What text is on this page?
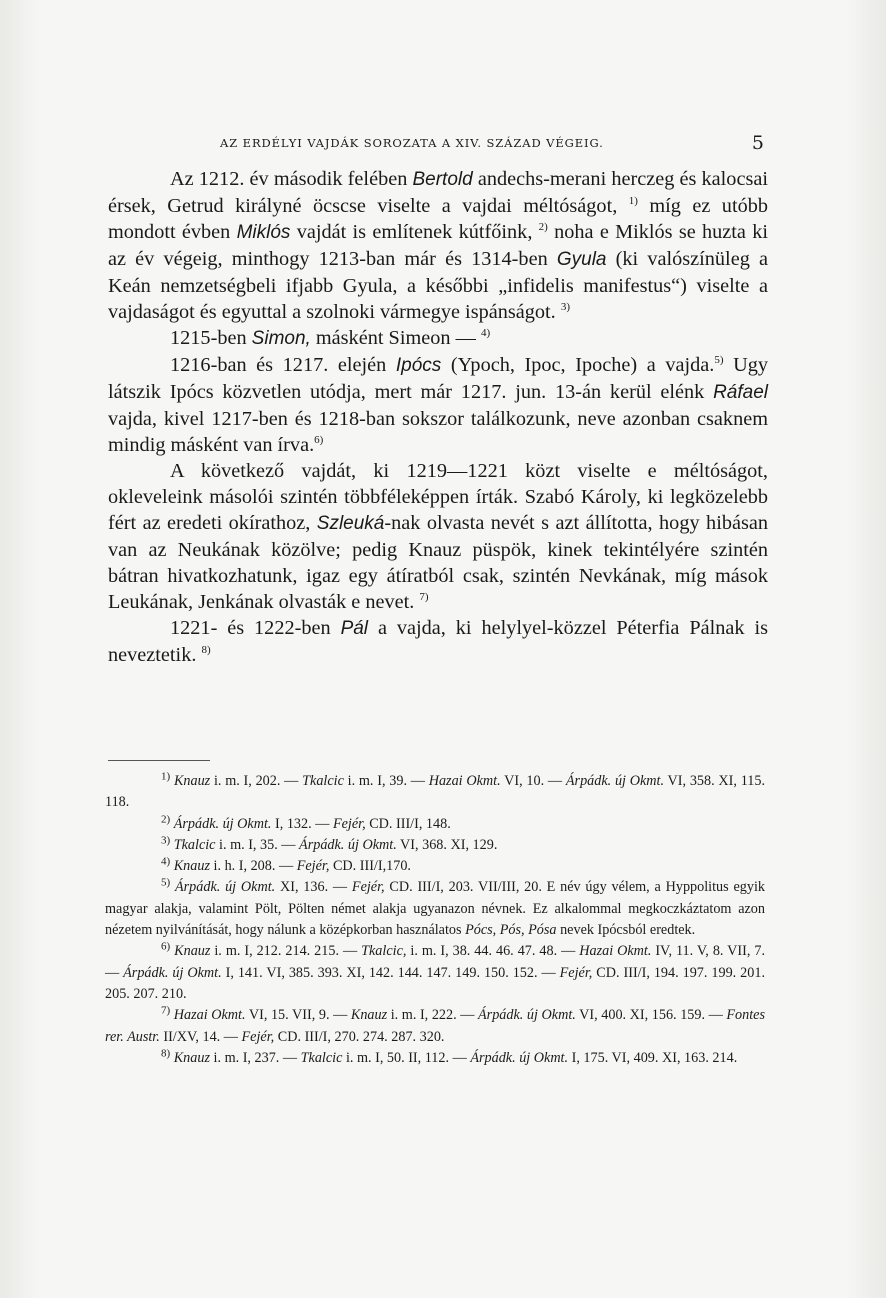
AZ ERDÉLYI VAJDÁK SOROZATA A XIV. SZÁZAD VÉGEIG.	5

Az 1212. év második felében Bertold andechs-merani herczeg és kalocsai érsek, Getrud királyné öcscse viselte a vajdai méltóságot, $^{1)}$ míg ez utóbb mondott évben Miklós vajdát is említenek kútfőink, $^{2)}$ noha e Miklós se huzta ki az év végeig, minthogy 1213-ban már és 1314-ben Gyula (ki valószínüleg a Keán nemzetségbeli ifjabb Gyula, a későbbi „infidelis manifestus“) viselte a vajdaságot és egyuttal a szolnoki vármegye ispánságot. $^{3)}$

1215-ben Simon, másként Simeon — $^{4)}$

1216-ban és 1217. elején Ipócs (Ypoch, Ipoc, Ipoche) a vajda.$^{5)}$ Ugy látszik Ipócs közvetlen utódja, mert már 1217. jun. 13-án kerül elénk Ráfael vajda, kivel 1217-ben és 1218-ban sokszor találkozunk, neve azonban csaknem mindig másként van írva.$^{6)}$

A következő vajdát, ki 1219—1221 közt viselte e méltóságot, okleveleink másolói szintén többféleképpen írták. Szabó Károly, ki legközelebb fért az eredeti okírathoz, Szleuká-nak olvasta nevét s azt állította, hogy hibásan van az Neukának közölve; pedig Knauz püspök, kinek tekintélyére szintén bátran hivatkozhatunk, igaz egy átíratból csak, szintén Nevkának, míg mások Leukának, Jenkának olvasták e nevet. $^{7)}$

1221- és 1222-ben Pál a vajda, ki helylyel-közzel Péterfia Pálnak is neveztetik. $^{8)}$

$^{1)}$ Knauz i. m. I, 202. — Tkalcic i. m. I, 39. — Hazai Okmt. VI, 10. — Árpádk. új Okmt. VI, 358. XI, 115. 118.

$^{2)}$ Árpádk. új Okmt. I, 132. — Fejér, CD. III/I, 148.

$^{3)}$ Tkalcic i. m. I, 35. — Árpádk. új Okmt. VI, 368. XI, 129.

$^{4)}$ Knauz i. h. I, 208. — Fejér, CD. III/I,170.

$^{5)}$ Árpádk. új Okmt. XI, 136. — Fejér, CD. III/I, 203. VII/III, 20. E név úgy vélem, a Hyppolitus egyik magyar alakja, valamint Pölt, Pölten német alakja ugyanazon névnek. Ez alkalommal megkoczkáztatom azon nézetem nyilvánítását, hogy nálunk a középkorban használatos Pócs, Pós, Pósa nevek Ipócsból eredtek.

$^{6)}$ Knauz i. m. I, 212. 214. 215. — Tkalcic, i. m. I, 38. 44. 46. 47. 48. — Hazai Okmt. IV, 11. V, 8. VII, 7. — Árpádk. új Okmt. I, 141. VI, 385. 393. XI, 142. 144. 147. 149. 150. 152. — Fejér, CD. III/I, 194. 197. 199. 201. 205. 207. 210.

$^{7)}$ Hazai Okmt. VI, 15. VII, 9. — Knauz i. m. I, 222. — Árpádk. új Okmt. VI, 400. XI, 156. 159. — Fontes rer. Austr. II/XV, 14. — Fejér, CD. III/I, 270. 274. 287. 320.

$^{8)}$ Knauz i. m. I, 237. — Tkalcic i. m. I, 50. II, 112. — Árpádk. új Okmt. I, 175. VI, 409. XI, 163. 214.
